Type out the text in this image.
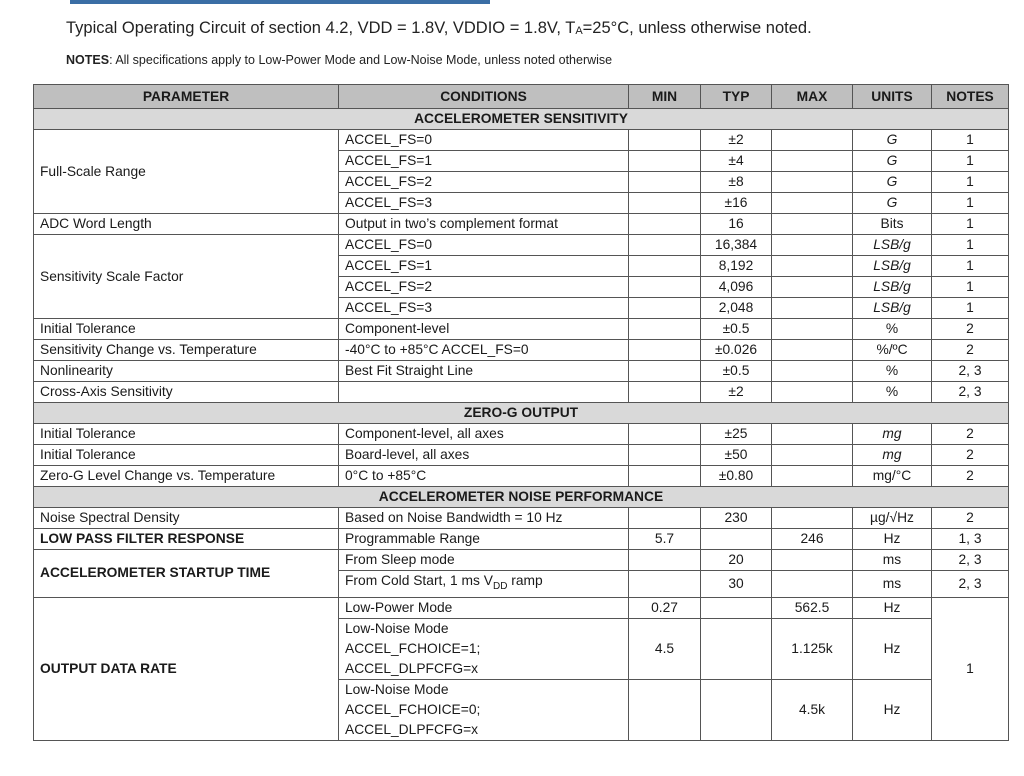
Typical Operating Circuit of section 4.2, VDD = 1.8V, VDDIO = 1.8V, $T_A=25^\circ C$, unless otherwise noted.
NOTES: All specifications apply to Low-Power Mode and Low-Noise Mode, unless noted otherwise
PARAMETER	CONDITIONS	MIN	TYP	MAX	UNITS	NOTES
ACCELEROMETER SENSITIVITY						
Full-Scale Range	ACCEL_FS=0		±2		G	1
	ACCEL_FS=1		±4		G	1
	ACCEL_FS=2		±8		G	1
	ACCEL_FS=3		±16		G	1
ADC Word Length	Output in two’s complement format		16		Bits	1
Sensitivity Scale Factor	ACCEL_FS=0		16,384		LSB/g	1
	ACCEL_FS=1		8,192		LSB/g	1
	ACCEL_FS=2		4,096		LSB/g	1
	ACCEL_FS=3		2,048		LSB/g	1
Initial Tolerance	Component-level		±0.5		%	2
Sensitivity Change vs. Temperature	-40°C to +85°C ACCEL_FS=0		±0.026		%/ºC	2
Nonlinearity	Best Fit Straight Line		±0.5		%	2, 3
Cross-Axis Sensitivity			±2		%	2, 3
ZERO-G OUTPUT						
Initial Tolerance	Component-level, all axes		±25		mg	2
Initial Tolerance	Board-level, all axes		±50		mg	2
Zero-G Level Change vs. Temperature	0°C to +85°C		±0.80		mg/°C	2
ACCELEROMETER NOISE PERFORMANCE						
Noise Spectral Density	Based on Noise Bandwidth = 10 Hz		230		µg/√Hz	2
LOW PASS FILTER RESPONSE	Programmable Range	5.7		246	Hz	1, 3
ACCELEROMETER STARTUP TIME	From Sleep mode		20		ms	2, 3
	From Cold Start, 1 ms $V_{DD}$ ramp		30		ms	2, 3
OUTPUT DATA RATE	Low-Power Mode	0.27		562.5	Hz	1

	Low-Noise Mode
ACCEL_FCHOICE=1;
ACCEL_DLPFCFG=x	4.5		1.125k	Hz	

	Low-Noise Mode
ACCEL_FCHOICE=0;
ACCEL_DLPFCFG=x			4.5k	Hz	
